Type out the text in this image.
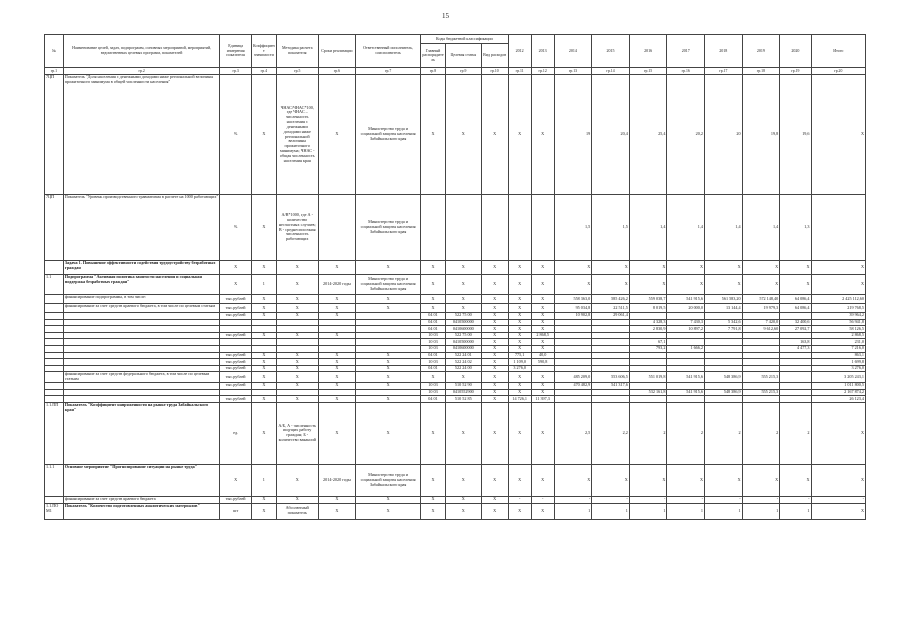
15
№	Наименование целей, задач, подпрограмм, основных мероприятий, мероприятий, ведомственных целевых программ, показателей	Единица измерения показателя	Коэффициент значимости	Методика расчета показателя	Сроки реализации	Ответственный исполнитель, соисполнитель	Коды бюджетной классификации			2012	2013	2014	2015	2016	2017	2018	2019	2020	Итого
							Главный распорядитель	Целевая статья	Вид расходов										
гр.1	гр.2	гр.3	гр.4	гр.5	гр.6	гр.7	гр.8	гр.9	гр.10	гр.11	гр.12	гр.13	гр.14	гр.15	гр.16	гр.17	гр.18	гр.19	гр.20
7ЦП	Показатель "Доля населения с денежными доходами ниже региональной величины прожиточного минимума в общей численности населения"	%	Х	ЧНАС/ЧНАС*100, где ЧНАС – численность населения с денежными доходами ниже региональной величины прожиточного минимума; ЧНАС - общая численность населения края	Х	Министерство труда и социальной защиты населения Забайкальского края	Х	Х	Х	Х	Х	19	20,4	25,4	20,2	20	19,8	19,6	Х
7ЦП	Показатель "Уровень производственного травматизма в расчете на 1000 работающих"	%	Х	А/В*1000, где А - количество несчастных случаев; В - среднесписочная численность работающих		Министерство труда и социальной защиты населения Забайкальского края						1,5	1,5	1,4	1,4	1,4	1,4	1,3	
	Задача 1. Повышение эффективности содействия трудоустройству безработных граждан	Х	Х	Х	Х	Х	Х	Х	Х	Х	Х	Х	Х	Х	Х	Х	Х	Х	Х
1.1	Подпрограмма "Активная политика занятости населения и социальная поддержка безработных граждан"	Х	1	Х	2014-2020 годы	Министерство труда и социальной защиты населения Забайкальского края	Х	Х	Х	Х	Х	Х	Х	Х	Х	Х	Х	Х	Х
	финансирование подпрограммы, в том числе:	тыс.рублей	Х	Х	Х	Х	Х	Х	Х	Х	Х	558 363,0	585 426,2	559 038,7	541 915,6	561 583,20	572 148,40	64 086,4	2 425 112,60
	финансирование за счет средств краевого бюджета, в том числе по целевым статьям	тыс.рублей	Х	Х	Х	Х	Х	Х	Х	Х	Х	95 034,8	22 511,5	8 019,5	20 000,0	13 144,4	19 979,3	64 086,4	219 768,5
		тыс.рублей	Х	Х	Х		04 01	522 75 00	Х	Х	Х	10 902,8	29 061,4						39 964,2
							04 01	0410500000	Х	Х	Х			4 328,3	7 430,3	5 342,6	7 420,0	32 400,6	56 941,8
							04 01	0410600000	Х	Х	Х			2 830,9	10 897,2	7 791,8	9 612,60	27 092,7	58 126,5
		тыс.рублей	Х	Х	Х		10 03	522 75 00	Х	Х	2 868,5								2 868,5
							10 03	0410500000	Х	Х	Х			67,1				163,8	231,0
							10 03	0410600000	Х	Х	Х			793,2	1 666,2			4 477,3	7 216,0
		тыс.рублей	Х	Х	Х	Х	04 01	522 24 01	Х	775,1	40,0								863,1
		тыс.рублей	Х	Х	Х	Х	10 03	522 24 02	Х	1 109,0	590,8								1 699,8
		тыс.рублей	Х	Х	Х	Х	04 01	522 24 00	Х	3 276,0									3 276,0
	финансирование за счет средств федерального бюджета, в том числе по целевым статьям	тыс.рублей	Х	Х	Х	Х	Х	Х	Х	Х	Х	485 209,0	553 606,5	551 019,8	541 915,6	548 386,9	555 215,3		3 205 243,1
		тыс.рублей	Х	Х	Х	Х	10 03	510 52 90	Х	Х	Х	470 482,9	541 317,6						1 011 800,5
							10 03	0410552900	Х	Х	Х			532 161,8	541 915,6	548 386,9	555 215,3		2 167 874,2
		тыс.рублей	Х	Х	Х	Х	04 01	510 52 85	Х	14 726,1	11 397,3								26 123,4
1.1.ПП	Показатель "Коэффициент напряженности на рынке труда Забайкальского края"	ед.	Х	А/Б, А - численность ищущих работу граждан; Б - количество вакансий	Х	Х	Х	Х	Х	Х	Х	2,5	2,2	2	2	2	2	2	Х
1.1.1	Основное мероприятие "Прогнозирование ситуации на рынке труда"	Х	1	Х	2014-2020 годы	Министерство труда и социальной защиты населения Забайкальского края	Х	Х	Х	Х	Х	Х	Х	Х	Х	Х	Х	Х	Х
	финансирование за счет средств краевого бюджета	тыс.рублей	Х	Х	Х	Х	Х	Х	Х	-	-	-	-	-	-	-	-	-	-
1.1.ПОМ1	Показатель "Количество подготовленных аналитических материалов"	шт	Х	Абсолютный показатель	Х	Х	Х	Х	Х	Х	Х	1	1	1	1	1	1	1	Х
